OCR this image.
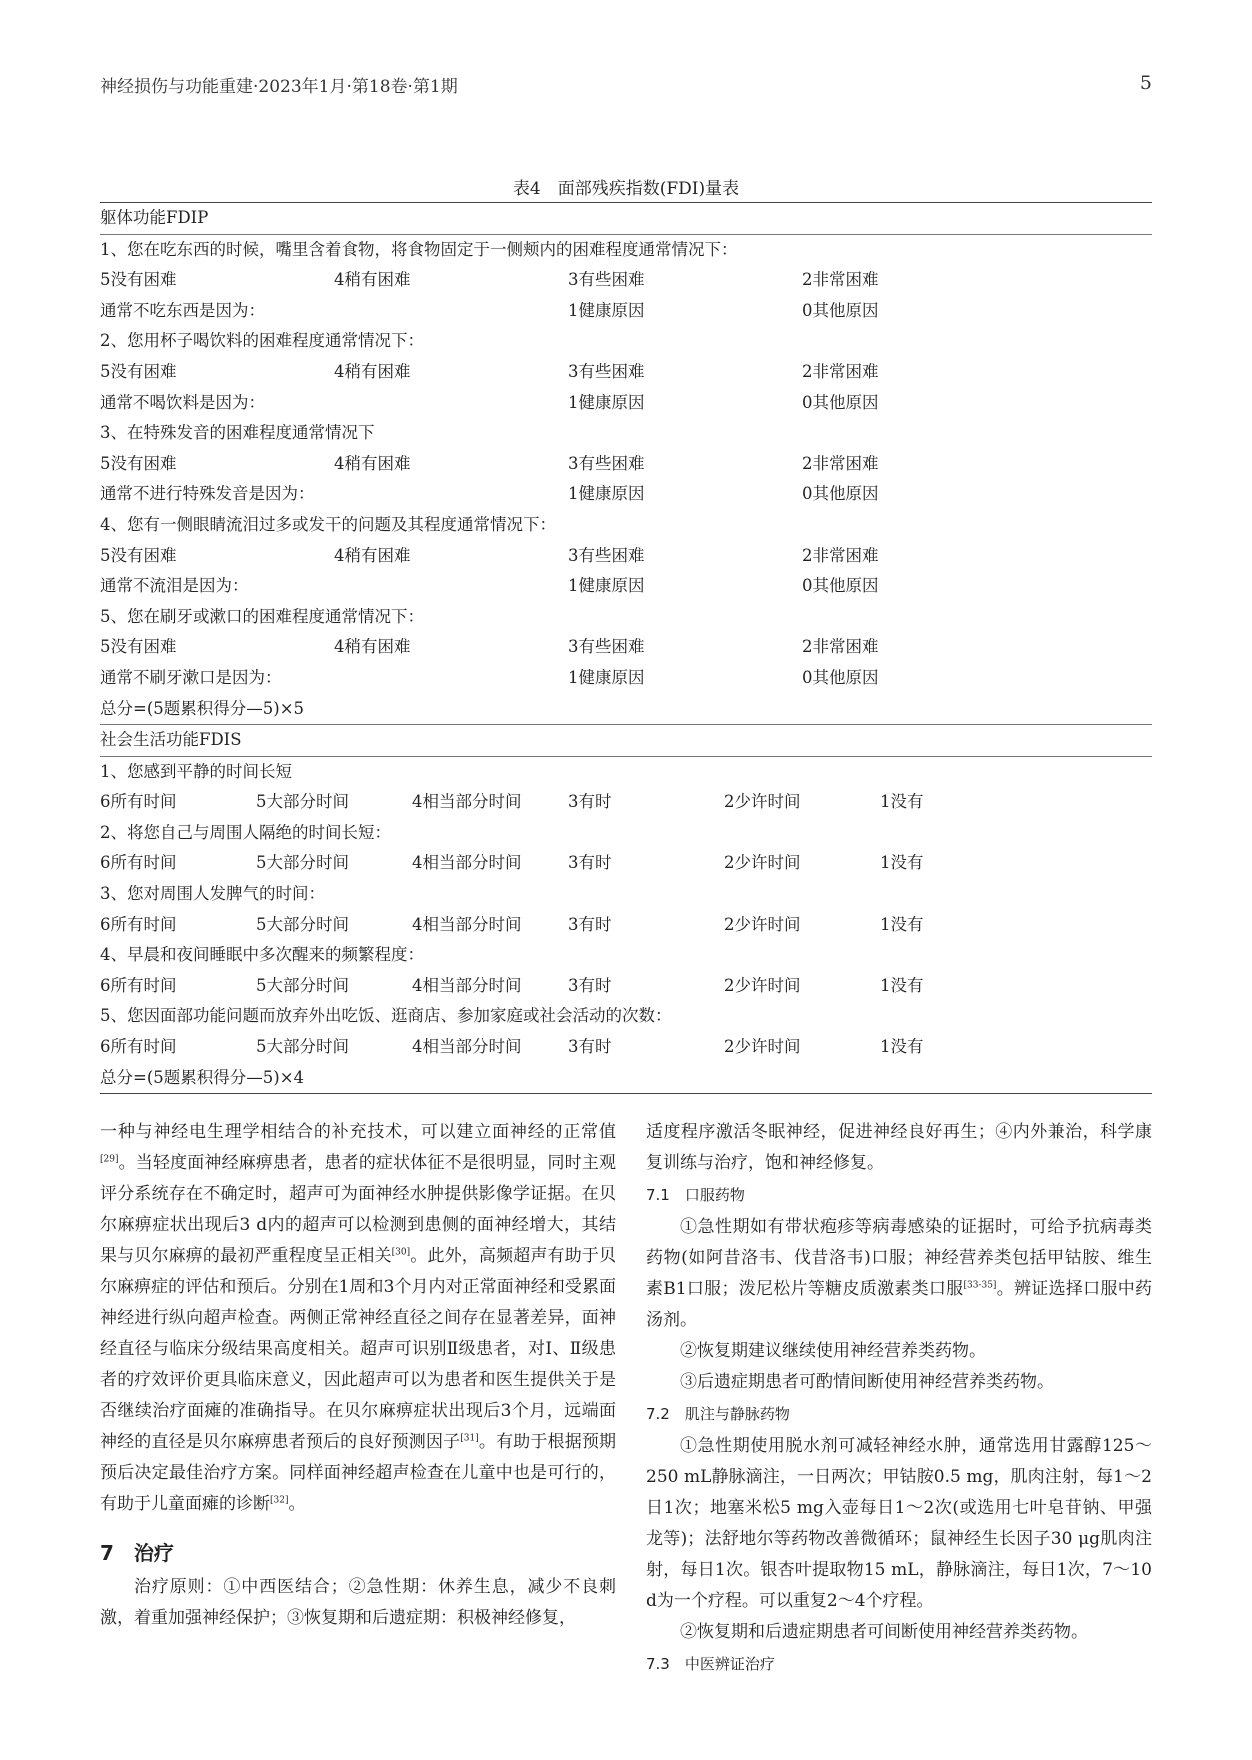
神经损伤与功能重建·2023年1月·第18卷·第1期	5
表4　面部残疾指数(FDI)量表
躯体功能FDIP
1、您在吃东西的时候，嘴里含着食物，将食物固定于一侧颊内的困难程度通常情况下：
5没有困难	4稍有困难	3有些困难	2非常困难
通常不吃东西是因为：	1健康原因	0其他原因
2、您用杯子喝饮料的困难程度通常情况下：
5没有困难	4稍有困难	3有些困难	2非常困难
通常不喝饮料是因为：	1健康原因	0其他原因
3、在特殊发音的困难程度通常情况下
5没有困难	4稍有困难	3有些困难	2非常困难
通常不进行特殊发音是因为：	1健康原因	0其他原因
4、您有一侧眼睛流泪过多或发干的问题及其程度通常情况下：
5没有困难	4稍有困难	3有些困难	2非常困难
通常不流泪是因为：	1健康原因	0其他原因
5、您在刷牙或漱口的困难程度通常情况下：
5没有困难	4稍有困难	3有些困难	2非常困难
通常不刷牙漱口是因为：	1健康原因	0其他原因
总分=(5题累积得分—5)×5
社会生活功能FDIS
1、您感到平静的时间长短
6所有时间	5大部分时间	4相当部分时间	3有时	2少许时间	1没有
2、将您自己与周围人隔绝的时间长短：
6所有时间	5大部分时间	4相当部分时间	3有时	2少许时间	1没有
3、您对周围人发脾气的时间：
6所有时间	5大部分时间	4相当部分时间	3有时	2少许时间	1没有
4、早晨和夜间睡眠中多次醒来的频繁程度：
6所有时间	5大部分时间	4相当部分时间	3有时	2少许时间	1没有
5、您因面部功能问题而放弃外出吃饭、逛商店、参加家庭或社会活动的次数：
6所有时间	5大部分时间	4相当部分时间	3有时	2少许时间	1没有
总分=(5题累积得分—5)×4

一种与神经电生理学相结合的补充技术，可以建立面神经的正常值[29]。当轻度面神经麻痹患者，患者的症状体征不是很明显，同时主观评分系统存在不确定时，超声可为面神经水肿提供影像学证据。在贝尔麻痹症状出现后3 d内的超声可以检测到患侧的面神经增大，其结果与贝尔麻痹的最初严重程度呈正相关[30]。此外，高频超声有助于贝尔麻痹症的评估和预后。分别在1周和3个月内对正常面神经和受累面神经进行纵向超声检查。两侧正常神经直径之间存在显著差异，面神经直径与临床分级结果高度相关。超声可识别Ⅱ级患者，对Ⅰ、Ⅱ级患者的疗效评价更具临床意义，因此超声可以为患者和医生提供关于是否继续治疗面瘫的准确指导。在贝尔麻痹症状出现后3个月，远端面神经的直径是贝尔麻痹患者预后的良好预测因子[31]。有助于根据预期预后决定最佳治疗方案。同样面神经超声检查在儿童中也是可行的，有助于儿童面瘫的诊断[32]。

7　治疗

治疗原则：①中西医结合；②急性期：休养生息，减少不良刺激，着重加强神经保护；③恢复期和后遗症期：积极神经修复，

适度程序激活冬眠神经，促进神经良好再生；④内外兼治，科学康复训练与治疗，饱和神经修复。

7.1　口服药物

①急性期如有带状疱疹等病毒感染的证据时，可给予抗病毒类药物(如阿昔洛韦、伐昔洛韦)口服；神经营养类包括甲钴胺、维生素B1口服；泼尼松片等糖皮质激素类口服[33-35]。辨证选择口服中药汤剂。

②恢复期建议继续使用神经营养类药物。

③后遗症期患者可酌情间断使用神经营养类药物。

7.2　肌注与静脉药物

①急性期使用脱水剂可减轻神经水肿，通常选用甘露醇125～250 mL静脉滴注，一日两次；甲钴胺0.5 mg，肌肉注射，每1～2日1次；地塞米松5 mg入壶每日1～2次(或选用七叶皂苷钠、甲强龙等)；法舒地尔等药物改善微循环；鼠神经生长因子30 μg肌肉注射，每日1次。银杏叶提取物15 mL，静脉滴注，每日1次，7～10 d为一个疗程。可以重复2～4个疗程。

②恢复期和后遗症期患者可间断使用神经营养类药物。

7.3　中医辨证治疗
